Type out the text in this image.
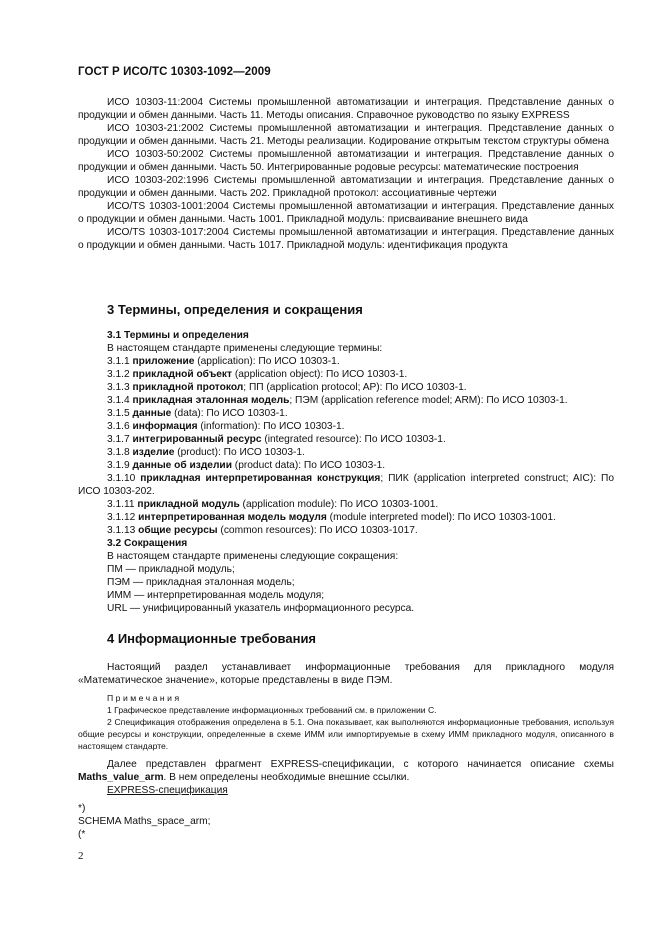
ГОСТ Р ИСО/ТС 10303-1092—2009

ИСО 10303-11:2004 Системы промышленной автоматизации и интеграция. Представление данных о продукции и обмен данными. Часть 11. Методы описания. Справочное руководство по языку EXPRESS

ИСО 10303-21:2002 Системы промышленной автоматизации и интеграция. Представление данных о продукции и обмен данными. Часть 21. Методы реализации. Кодирование открытым текстом структуры обмена

ИСО 10303-50:2002 Системы промышленной автоматизации и интеграция. Представление данных о продукции и обмен данными. Часть 50. Интегрированные родовые ресурсы: математические построения

ИСО 10303-202:1996 Системы промышленной автоматизации и интеграция. Представление данных о продукции и обмен данными. Часть 202. Прикладной протокол: ассоциативные чертежи

ИСО/TS 10303-1001:2004 Системы промышленной автоматизации и интеграция. Представление данных о продукции и обмен данными. Часть 1001. Прикладной модуль: присваивание внешнего вида

ИСО/TS 10303-1017:2004 Системы промышленной автоматизации и интеграция. Представление данных о продукции и обмен данными. Часть 1017. Прикладной модуль: идентификация продукта

3 Термины, определения и сокращения

3.1 Термины и определения

В настоящем стандарте применены следующие термины:

3.1.1 приложение (application): По ИСО 10303-1.

3.1.2 прикладной объект (application object): По ИСО 10303-1.

3.1.3 прикладной протокол; ПП (application protocol; AP): По ИСО 10303-1.

3.1.4 прикладная эталонная модель; ПЭМ (application reference model; ARM): По ИСО 10303-1.

3.1.5 данные (data): По ИСО 10303-1.

3.1.6 информация (information): По ИСО 10303-1.

3.1.7 интегрированный ресурс (integrated resource): По ИСО 10303-1.

3.1.8 изделие (product): По ИСО 10303-1.

3.1.9 данные об изделии (product data): По ИСО 10303-1.

3.1.10 прикладная интерпретированная конструкция; ПИК (application interpreted construct; AIC): По ИСО 10303-202.

3.1.11 прикладной модуль (application module): По ИСО 10303-1001.

3.1.12 интерпретированная модель модуля (module interpreted model): По ИСО 10303-1001.

3.1.13 общие ресурсы (common resources): По ИСО 10303-1017.

3.2 Сокращения

В настоящем стандарте применены следующие сокращения:

ПМ — прикладной модуль;

ПЭМ — прикладная эталонная модель;

ИММ — интерпретированная модель модуля;

URL — унифицированный указатель информационного ресурса.

4 Информационные требования

Настоящий раздел устанавливает информационные требования для прикладного модуля «Математическое значение», которые представлены в виде ПЭМ.

Примечания

1 Графическое представление информационных требований см. в приложении С.

2 Спецификация отображения определена в 5.1. Она показывает, как выполняются информационные требования, используя общие ресурсы и конструкции, определенные в схеме ИММ или импортируемые в схему ИММ прикладного модуля, описанного в настоящем стандарте.

Далее представлен фрагмент EXPRESS-спецификации, с которого начинается описание схемы Maths_value_arm. В нем определены необходимые внешние ссылки.

EXPRESS-спецификация

*)
SCHEMA Maths_space_arm;
(*
2
